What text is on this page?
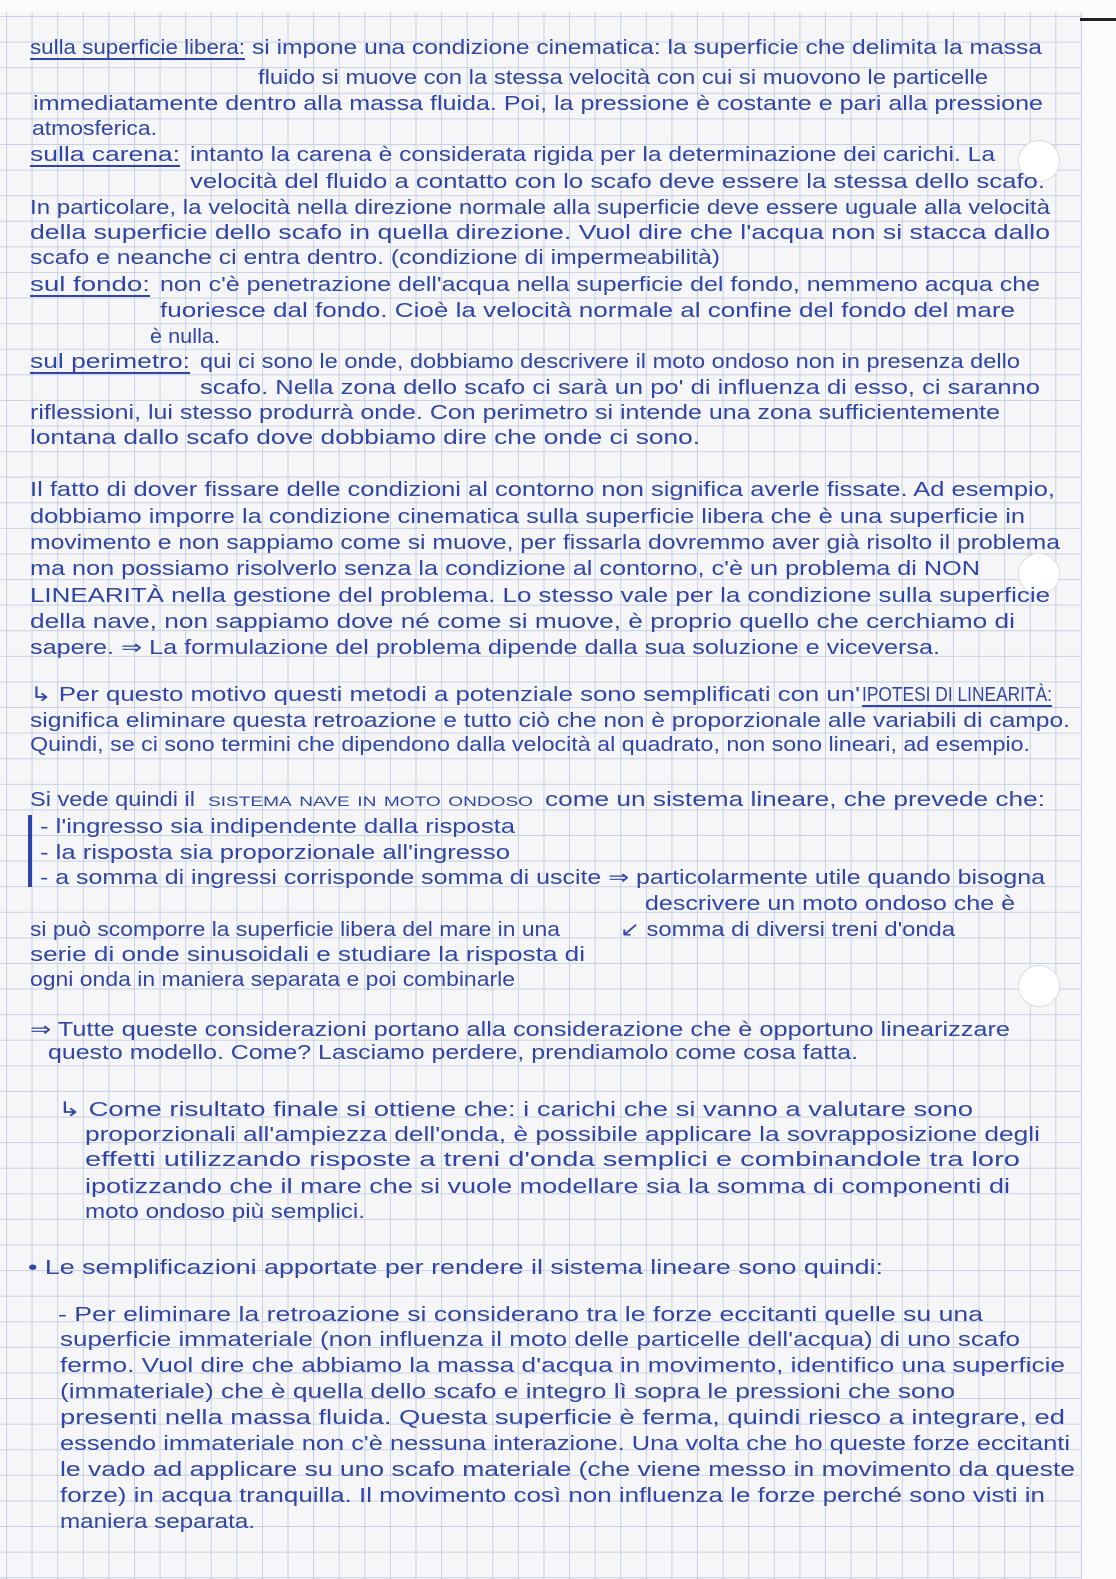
sulla superficie libera: si impone una condizione cinematica: la superficie che delimita la massa
fluido si muove con la stessa velocità con cui si muovono le particelle
immediatamente dentro alla massa fluida. Poi, la pressione è costante e pari alla pressione
atmosferica.
sulla carena: intanto la carena è considerata rigida per la determinazione dei carichi. La
velocità del fluido a contatto con lo scafo deve essere la stessa dello scafo.
In particolare, la velocità nella direzione normale alla superficie deve essere uguale alla velocità
della superficie dello scafo in quella direzione. Vuol dire che l'acqua non si stacca dallo
scafo e neanche ci entra dentro. (condizione di impermeabilità)
sul fondo: non c'è penetrazione dell'acqua nella superficie del fondo, nemmeno acqua che
fuoriesce dal fondo. Cioè la velocità normale al confine del fondo del mare
è nulla.
sul perimetro: qui ci sono le onde, dobbiamo descrivere il moto ondoso non in presenza dello
scafo. Nella zona dello scafo ci sarà un po' di influenza di esso, ci saranno
riflessioni, lui stesso produrrà onde. Con perimetro si intende una zona sufficientemente
lontana dallo scafo dove dobbiamo dire che onde ci sono.
Il fatto di dover fissare delle condizioni al contorno non significa averle fissate. Ad esempio,
dobbiamo imporre la condizione cinematica sulla superficie libera che è una superficie in
movimento e non sappiamo come si muove, per fissarla dovremmo aver già risolto il problema
ma non possiamo risolverlo senza la condizione al contorno, c'è un problema di NON
LINEARITÀ nella gestione del problema. Lo stesso vale per la condizione sulla superficie
della nave, non sappiamo dove né come si muove, è proprio quello che cerchiamo di
sapere. ⇒ La formulazione del problema dipende dalla sua soluzione e viceversa.
↳ Per questo motivo questi metodi a potenziale sono semplificati con un' IPOTESI DI LINEARITÀ:
significa eliminare questa retroazione e tutto ciò che non è proporzionale alle variabili di campo.
Quindi, se ci sono termini che dipendono dalla velocità al quadrato, non sono lineari, ad esempio.
Si vede quindi il sistema nave in moto ondoso come un sistema lineare, che prevede che:
- l'ingresso sia indipendente dalla risposta
- la risposta sia proporzionale all'ingresso
- a somma di ingressi corrisponde somma di uscite ⇒ particolarmente utile quando bisogna
descrivere un moto ondoso che è
↙ somma di diversi treni d'onda
si può scomporre la superficie libera del mare in una
serie di onde sinusoidali e studiare la risposta di
ogni onda in maniera separata e poi combinarle
⇒ Tutte queste considerazioni portano alla considerazione che è opportuno linearizzare
questo modello. Come? Lasciamo perdere, prendiamolo come cosa fatta.
↳ Come risultato finale si ottiene che: i carichi che si vanno a valutare sono
proporzionali all'ampiezza dell'onda, è possibile applicare la sovrapposizione degli
effetti utilizzando risposte a treni d'onda semplici e combinandole tra loro
ipotizzando che il mare che si vuole modellare sia la somma di componenti di
moto ondoso più semplici.
• Le semplificazioni apportate per rendere il sistema lineare sono quindi:
- Per eliminare la retroazione si considerano tra le forze eccitanti quelle su una
superficie immateriale (non influenza il moto delle particelle dell'acqua) di uno scafo
fermo. Vuol dire che abbiamo la massa d'acqua in movimento, identifico una superficie
(immateriale) che è quella dello scafo e integro lì sopra le pressioni che sono
presenti nella massa fluida. Questa superficie è ferma, quindi riesco a integrare, ed
essendo immateriale non c'è nessuna interazione. Una volta che ho queste forze eccitanti
le vado ad applicare su uno scafo materiale (che viene messo in movimento da queste
forze) in acqua tranquilla. Il movimento così non influenza le forze perché sono visti in
maniera separata.
